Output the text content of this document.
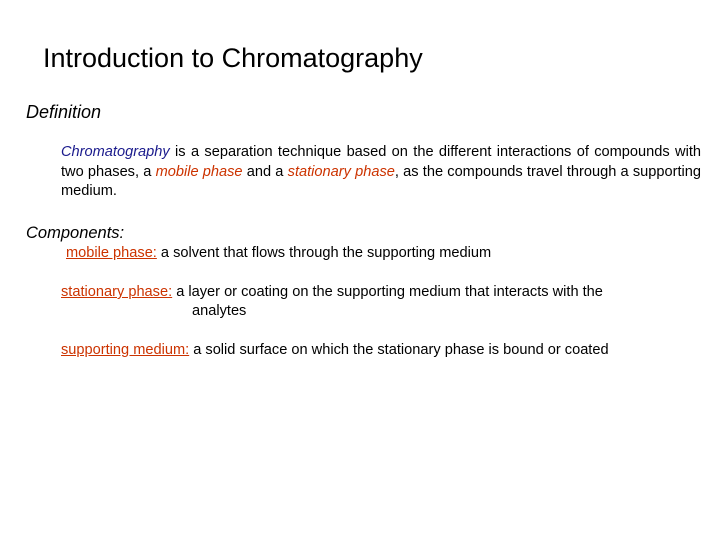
Introduction to Chromatography
Definition
Chromatography is a separation technique based on the different interactions of compounds with two phases, a mobile phase and a stationary phase, as the compounds travel through a supporting medium.
Components:
mobile phase: a solvent that flows through the supporting medium
stationary phase: a layer or coating on the supporting medium that interacts with the
analytes
supporting medium: a solid surface on which the stationary phase is bound or coated
